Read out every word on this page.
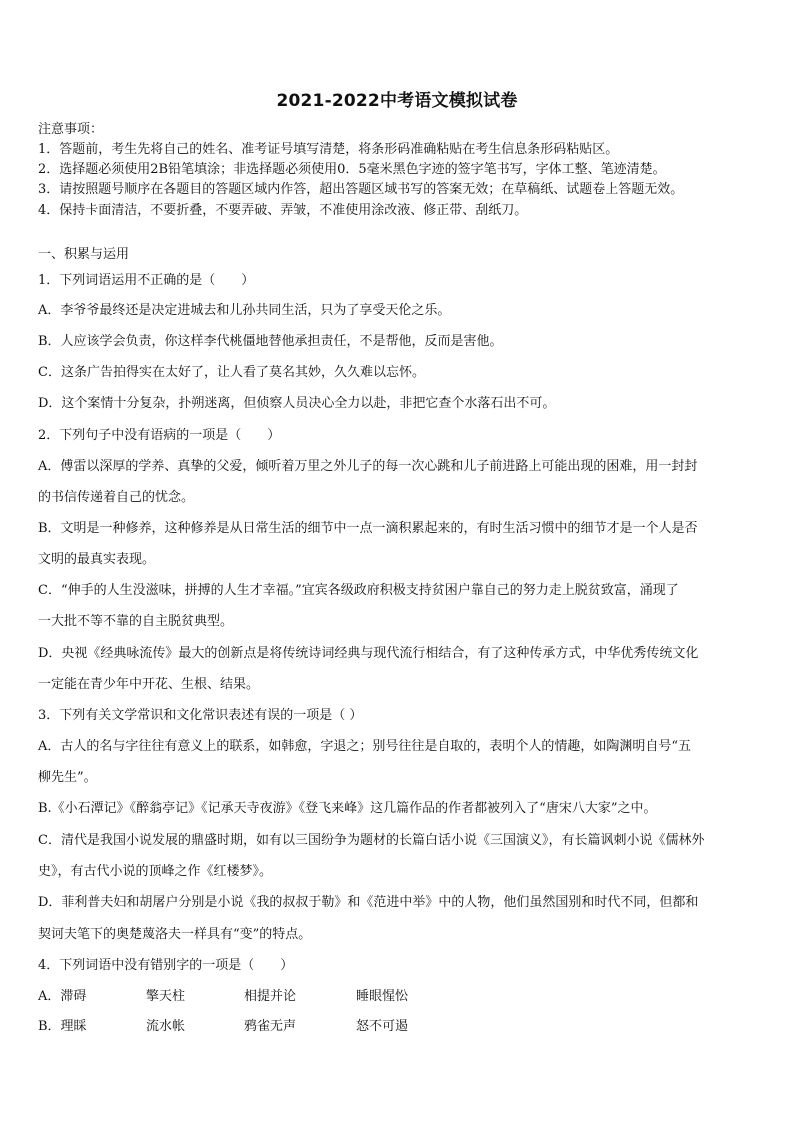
2021-2022中考语文模拟试卷
注意事项：
1．答题前，考生先将自己的姓名、准考证号填写清楚，将条形码准确粘贴在考生信息条形码粘贴区。
2．选择题必须使用2B铅笔填涂；非选择题必须使用0．5毫米黑色字迹的签字笔书写，字体工整、笔迹清楚。
3．请按照题号顺序在各题目的答题区域内作答，超出答题区域书写的答案无效；在草稿纸、试题卷上答题无效。
4．保持卡面清洁，不要折叠，不要弄破、弄皱，不准使用涂改液、修正带、刮纸刀。
一、积累与运用
1．下列词语运用不正确的是（　　）
A．李爷爷最终还是决定进城去和儿孙共同生活，只为了享受天伦之乐。
B．人应该学会负责，你这样李代桃僵地替他承担责任，不是帮他，反而是害他。
C．这条广告拍得实在太好了，让人看了莫名其妙，久久难以忘怀。
D．这个案情十分复杂，扑朔迷离，但侦察人员决心全力以赴，非把它查个水落石出不可。
2．下列句子中没有语病的一项是（　　）
A．傅雷以深厚的学养、真挚的父爱，倾听着万里之外儿子的每一次心跳和儿子前进路上可能出现的困难，用一封封
的书信传递着自己的忧念。
B．文明是一种修养，这种修养是从日常生活的细节中一点一滴积累起来的，有时生活习惯中的细节才是一个人是否
文明的最真实表现。
C．“伸手的人生没滋味，拼搏的人生才幸福。”宜宾各级政府积极支持贫困户靠自己的努力走上脱贫致富，涌现了
一大批不等不靠的自主脱贫典型。
D．央视《经典咏流传》最大的创新点是将传统诗词经典与现代流行相结合，有了这种传承方式，中华优秀传统文化
一定能在青少年中开花、生根、结果。
3．下列有关文学常识和文化常识表述有误的一项是（ ）
A．古人的名与字往往有意义上的联系，如韩愈，字退之；别号往往是自取的，表明个人的情趣，如陶渊明自号“五
柳先生”。
B.《小石潭记》《醉翁亭记》《记承天寺夜游》《登飞来峰》这几篇作品的作者都被列入了“唐宋八大家”之中。
C．清代是我国小说发展的鼎盛时期，如有以三国纷争为题材的长篇白话小说《三国演义》，有长篇讽刺小说《儒林外
史》，有古代小说的顶峰之作《红楼梦》。
D．菲利普夫妇和胡屠户分别是小说《我的叔叔于勒》和《范进中举》中的人物，他们虽然国别和时代不同，但都和
契诃夫笔下的奥楚蔑洛夫一样具有“变”的特点。
4．下列词语中没有错别字的一项是（　　）
A．滞碍	擎天柱	相提并论	睡眼惺忪
B．理睬	流水帐	鸦雀无声	怒不可遏
